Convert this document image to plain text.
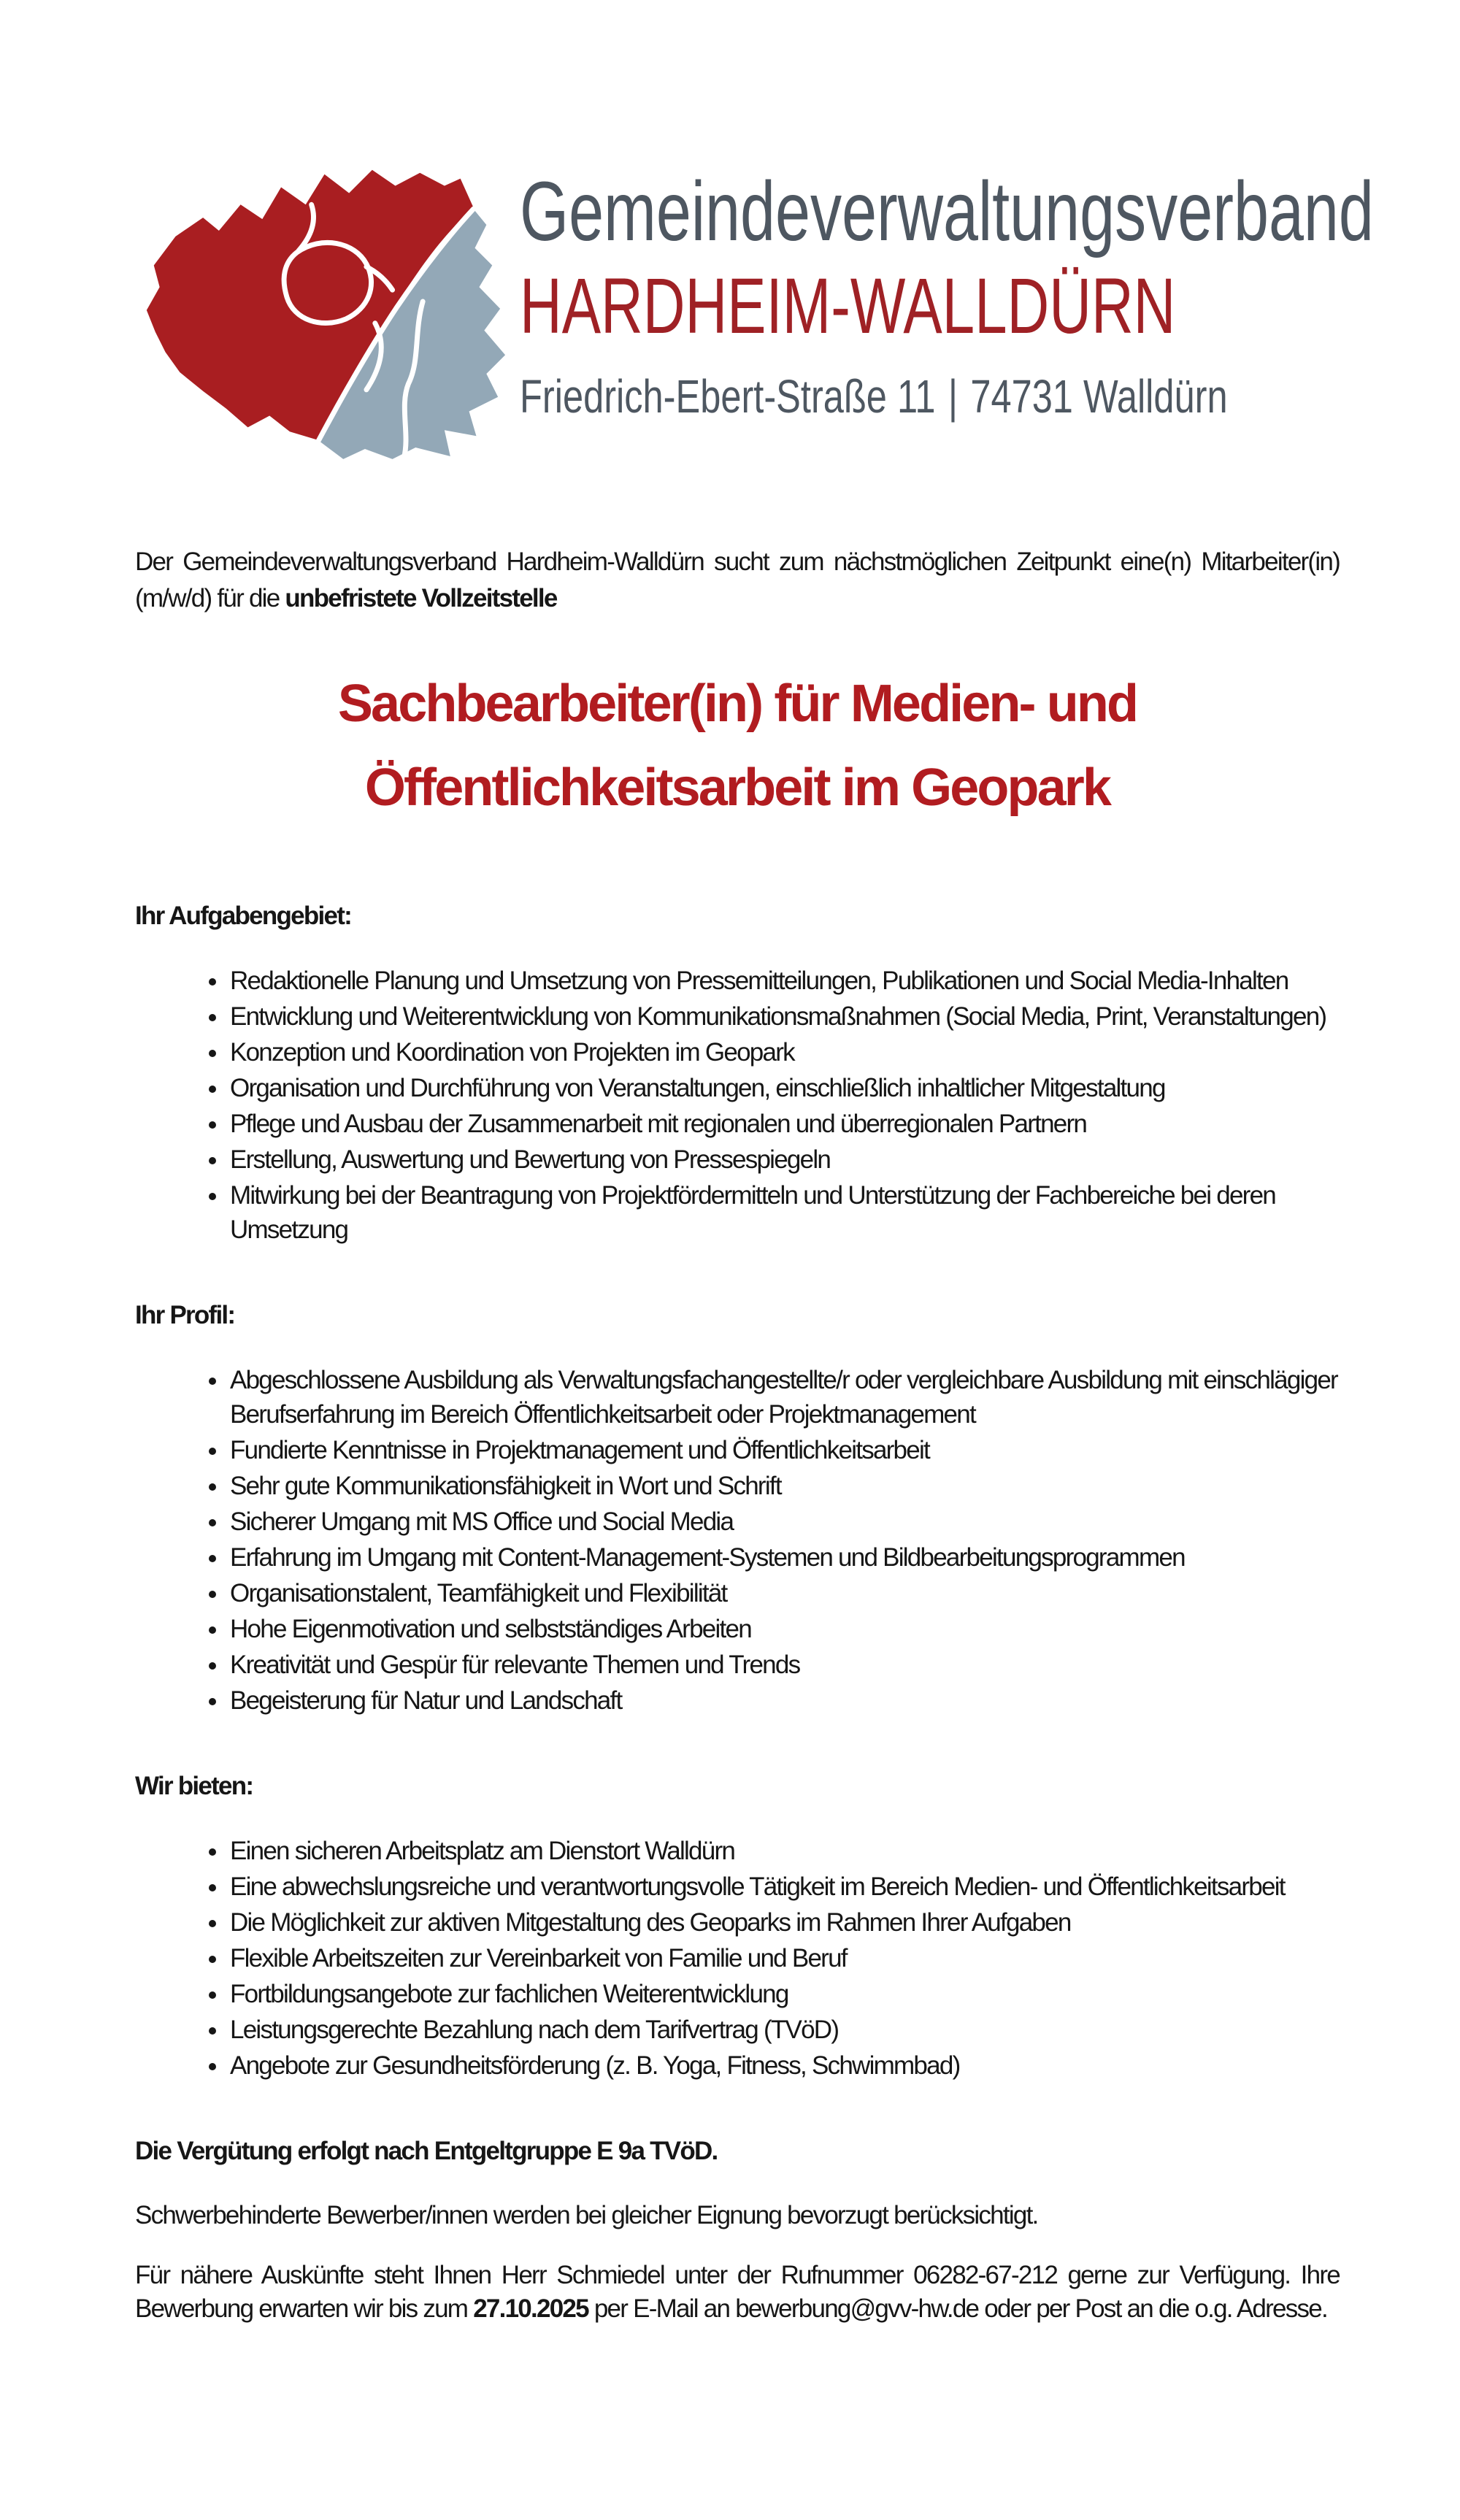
Gemeindeverwaltungsverband
HARDHEIM-WALLDÜRN
Friedrich-Ebert-Straße 11 | 74731 Walldürn

Der Gemeindeverwaltungsverband Hardheim-Walldürn sucht zum nächstmöglichen Zeitpunkt eine(n) Mitarbeiter(in) (m/w/d) für die unbefristete Vollzeitstelle

Sachbearbeiter(in) für Medien- und
Öffentlichkeitsarbeit im Geopark
Ihr Aufgabengebiet:
• Redaktionelle Planung und Umsetzung von Pressemitteilungen, Publikationen und Social Media-Inhalten
• Entwicklung und Weiterentwicklung von Kommunikationsmaßnahmen (Social Media, Print, Veranstaltungen)
• Konzeption und Koordination von Projekten im Geopark
• Organisation und Durchführung von Veranstaltungen, einschließlich inhaltlicher Mitgestaltung
• Pflege und Ausbau der Zusammenarbeit mit regionalen und überregionalen Partnern
• Erstellung, Auswertung und Bewertung von Pressespiegeln
• Mitwirkung bei der Beantragung von Projektfördermitteln und Unterstützung der Fachbereiche bei deren Umsetzung
Ihr Profil:
• Abgeschlossene Ausbildung als Verwaltungsfachangestellte/r oder vergleichbare Ausbildung mit einschlägiger Berufserfahrung im Bereich Öffentlichkeitsarbeit oder Projektmanagement
• Fundierte Kenntnisse in Projektmanagement und Öffentlichkeitsarbeit
• Sehr gute Kommunikationsfähigkeit in Wort und Schrift
• Sicherer Umgang mit MS Office und Social Media
• Erfahrung im Umgang mit Content-Management-Systemen und Bildbearbeitungsprogrammen
• Organisationstalent, Teamfähigkeit und Flexibilität
• Hohe Eigenmotivation und selbstständiges Arbeiten
• Kreativität und Gespür für relevante Themen und Trends
• Begeisterung für Natur und Landschaft
Wir bieten:
• Einen sicheren Arbeitsplatz am Dienstort Walldürn
• Eine abwechslungsreiche und verantwortungsvolle Tätigkeit im Bereich Medien- und Öffentlichkeitsarbeit
• Die Möglichkeit zur aktiven Mitgestaltung des Geoparks im Rahmen Ihrer Aufgaben
• Flexible Arbeitszeiten zur Vereinbarkeit von Familie und Beruf
• Fortbildungsangebote zur fachlichen Weiterentwicklung
• Leistungsgerechte Bezahlung nach dem Tarifvertrag (TVöD)
• Angebote zur Gesundheitsförderung (z. B. Yoga, Fitness, Schwimmbad)

Die Vergütung erfolgt nach Entgeltgruppe E 9a TVöD.

Schwerbehinderte Bewerber/innen werden bei gleicher Eignung bevorzugt berücksichtigt.

Für nähere Auskünfte steht Ihnen Herr Schmiedel unter der Rufnummer 06282-67-212 gerne zur Verfügung. Ihre Bewerbung erwarten wir bis zum 27.10.2025 per E-Mail an bewerbung@gvv-hw.de oder per Post an die o.g. Adresse.
